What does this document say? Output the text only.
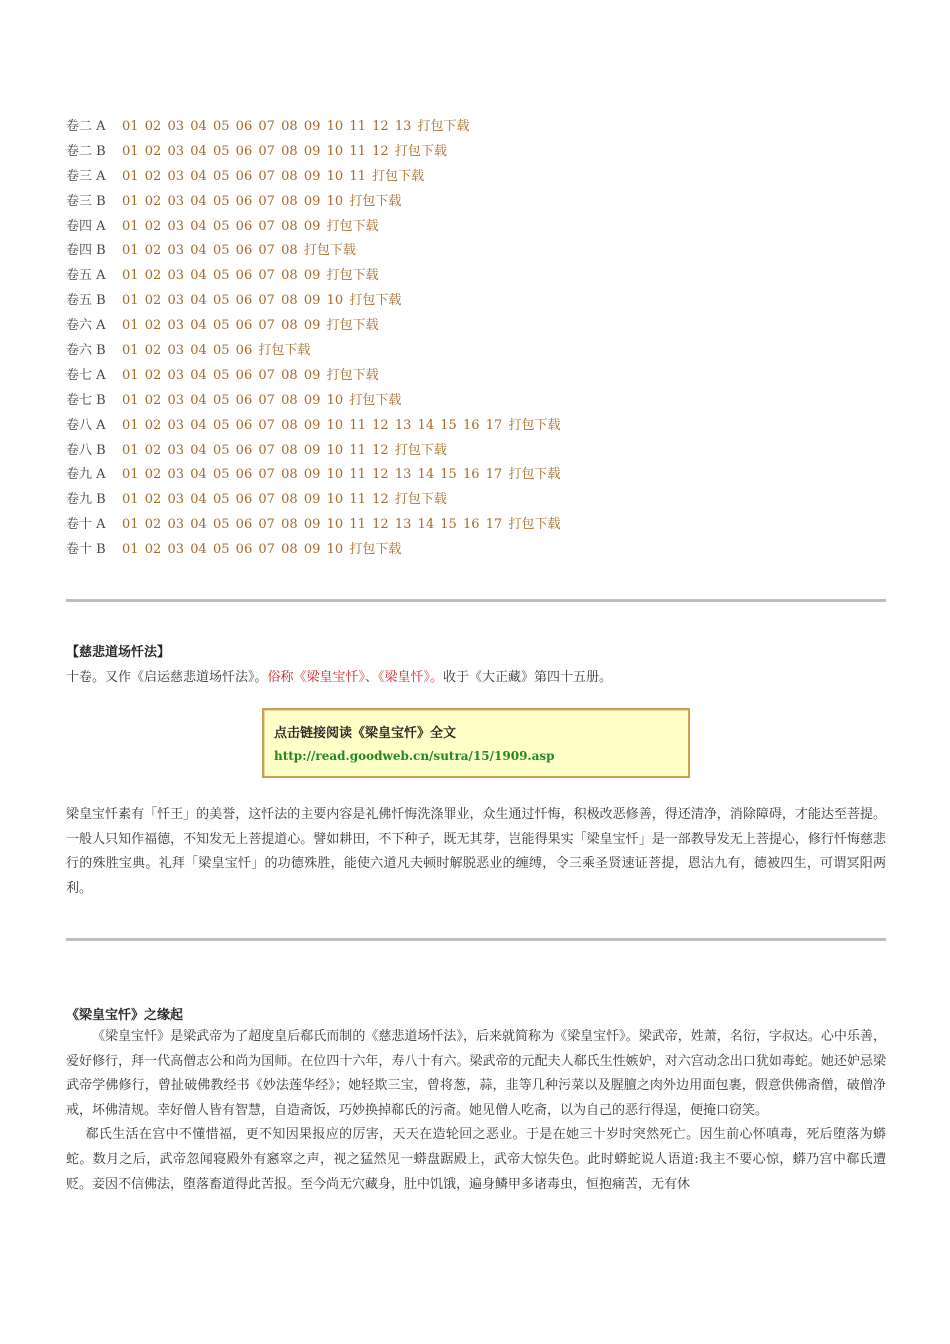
卷二 A 01 02 03 04 05 06 07 08 09 10 11 12 13 打包下载
卷二 B 01 02 03 04 05 06 07 08 09 10 11 12 打包下载
卷三 A 01 02 03 04 05 06 07 08 09 10 11 打包下载
卷三 B 01 02 03 04 05 06 07 08 09 10 打包下载
卷四 A 01 02 03 04 05 06 07 08 09 打包下载
卷四 B 01 02 03 04 05 06 07 08 打包下载
卷五 A 01 02 03 04 05 06 07 08 09 打包下载
卷五 B 01 02 03 04 05 06 07 08 09 10 打包下载
卷六 A 01 02 03 04 05 06 07 08 09 打包下载
卷六 B 01 02 03 04 05 06 打包下载
卷七 A 01 02 03 04 05 06 07 08 09 打包下载
卷七 B 01 02 03 04 05 06 07 08 09 10 打包下载
卷八 A 01 02 03 04 05 06 07 08 09 10 11 12 13 14 15 16 17 打包下载
卷八 B 01 02 03 04 05 06 07 08 09 10 11 12 打包下载
卷九 A 01 02 03 04 05 06 07 08 09 10 11 12 13 14 15 16 17 打包下载
卷九 B 01 02 03 04 05 06 07 08 09 10 11 12 打包下载
卷十 A 01 02 03 04 05 06 07 08 09 10 11 12 13 14 15 16 17 打包下载
卷十 B 01 02 03 04 05 06 07 08 09 10 打包下载
【慈悲道场忏法】
十卷。又作《启运慈悲道场忏法》。俗称《梁皇宝忏》、《梁皇忏》。收于《大正藏》第四十五册。
点击链接阅读《梁皇宝忏》全文
http://read.goodweb.cn/sutra/15/1909.asp

梁皇宝忏素有「忏王」的美誉，这忏法的主要内容是礼佛忏悔洗涤罪业，众生通过忏悔，积极改恶修善，得还清净，消除障碍，才能达至菩提。一般人只知作福德，不知发无上菩提道心。譬如耕田，不下种子，既无其芽，岂能得果实「梁皇宝忏」是一部教导发无上菩提心，修行忏悔慈悲行的殊胜宝典。礼拜「梁皇宝忏」的功德殊胜，能使六道凡夫顿时解脱恶业的缠缚，令三乘圣贤速证菩提，恩沾九有，德被四生，可谓冥阳两利。

《梁皇宝忏》之缘起

《梁皇宝忏》是梁武帝为了超度皇后郗氏而制的《慈悲道场忏法》，后来就简称为《梁皇宝忏》。梁武帝，姓萧，名衍，字叔达。心中乐善，爱好修行，拜一代高僧志公和尚为国师。在位四十六年，寿八十有六。梁武帝的元配夫人郗氏生性嫉妒，对六宫动念出口犹如毒蛇。她还妒忌梁武帝学佛修行，曾扯破佛教经书《妙法莲华经》；她轻欺三宝，曾将葱，蒜，韭等几种污菜以及腥膻之肉外边用面包裹，假意供佛斋僧，破僧净戒，坏佛清规。幸好僧人皆有智慧，自造斋饭，巧妙换掉郗氏的污斋。她见僧人吃斋，以为自己的恶行得逞，便掩口窃笑。

郗氏生活在宫中不懂惜福，更不知因果报应的厉害，天天在造轮回之恶业。于是在她三十岁时突然死亡。因生前心怀嗔毒，死后堕落为蟒蛇。数月之后，武帝忽闻寝殿外有窸窣之声，视之猛然见一蟒盘踞殿上，武帝大惊失色。此时蟒蛇说人语道:我主不要心惊，蟒乃宫中郗氏遭贬。妾因不信佛法，堕落畜道得此苦报。至今尚无穴藏身，肚中饥饿，遍身鳞甲多诸毒虫，恒抱痛苦，无有休
